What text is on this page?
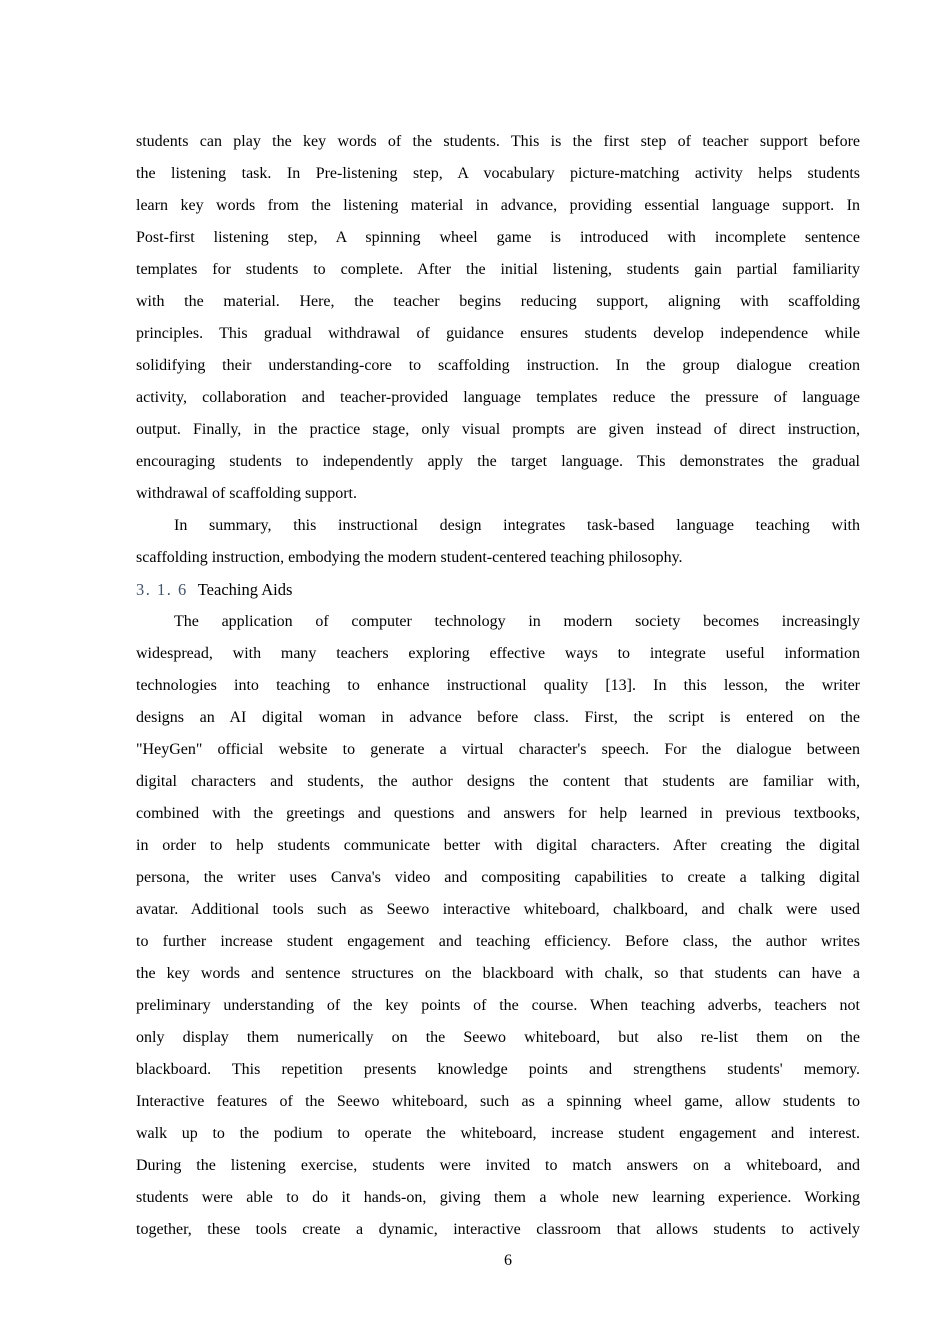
students can play the key words of the students. This is the first step of teacher support before
the listening task. In Pre-listening step, A vocabulary picture-matching activity helps students
learn key words from the listening material in advance, providing essential language support. In
Post-first listening step, A spinning wheel game is introduced with incomplete sentence
templates for students to complete. After the initial listening, students gain partial familiarity
with the material. Here, the teacher begins reducing support, aligning with scaffolding
principles. This gradual withdrawal of guidance ensures students develop independence while
solidifying their understanding-core to scaffolding instruction. In the group dialogue creation
activity, collaboration and teacher-provided language templates reduce the pressure of language
output. Finally, in the practice stage, only visual prompts are given instead of direct instruction,
encouraging students to independently apply the target language. This demonstrates the gradual
withdrawal of scaffolding support.
In summary, this instructional design integrates task-based language teaching with
scaffolding instruction, embodying the modern student-centered teaching philosophy.
3. 1. 6 Teaching Aids
The application of computer technology in modern society becomes increasingly
widespread, with many teachers exploring effective ways to integrate useful information
technologies into teaching to enhance instructional quality [13]. In this lesson, the writer
designs an AI digital woman in advance before class. First, the script is entered on the
"HeyGen" official website to generate a virtual character's speech. For the dialogue between
digital characters and students, the author designs the content that students are familiar with,
combined with the greetings and questions and answers for help learned in previous textbooks,
in order to help students communicate better with digital characters. After creating the digital
persona, the writer uses Canva's video and compositing capabilities to create a talking digital
avatar. Additional tools such as Seewo interactive whiteboard, chalkboard, and chalk were used
to further increase student engagement and teaching efficiency. Before class, the author writes
the key words and sentence structures on the blackboard with chalk, so that students can have a
preliminary understanding of the key points of the course. When teaching adverbs, teachers not
only display them numerically on the Seewo whiteboard, but also re-list them on the
blackboard. This repetition presents knowledge points and strengthens students' memory.
Interactive features of the Seewo whiteboard, such as a spinning wheel game, allow students to
walk up to the podium to operate the whiteboard, increase student engagement and interest.
During the listening exercise, students were invited to match answers on a whiteboard, and
students were able to do it hands-on, giving them a whole new learning experience. Working
together, these tools create a dynamic, interactive classroom that allows students to actively
6
